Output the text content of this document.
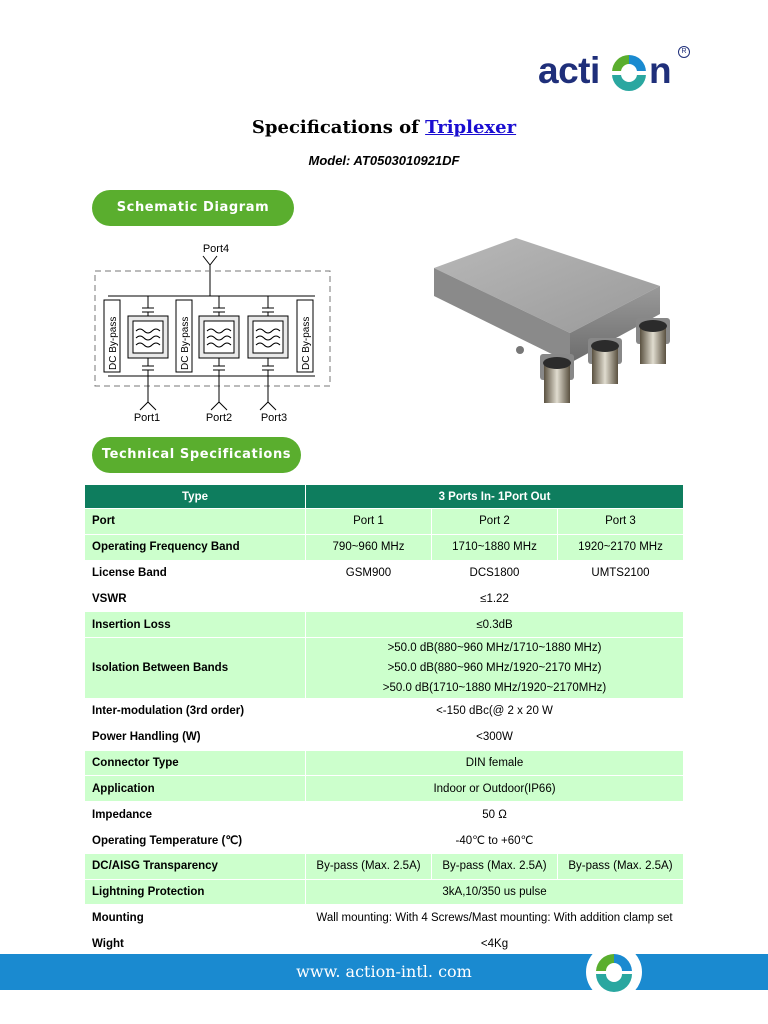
acti n	R
Specifications of Triplexer
Model: AT0503010921DF
Schematic Diagram
Port4
DC By-pass	DC By-pass	DC By-pass
Port1	Port2	Port3
Technical Specifications
Type	3 Ports In- 1Port Out		
Port	Port 1	Port 2	Port 3
Operating Frequency Band	790~960 MHz	1710~1880 MHz	1920~2170 MHz
License Band	GSM900	DCS1800	UMTS2100
VSWR	≤1.22		
Insertion Loss	≤0.3dB		
Isolation Between Bands	>50.0 dB(880~960 MHz/1710~1880 MHz)
>50.0 dB(880~960 MHz/1920~2170 MHz)
>50.0 dB(1710~1880 MHz/1920~2170MHz)		

Inter-modulation (3rd order)	<-150 dBc(@ 2 x 20 W		
Power Handling (W)	<300W		
Connector Type	DIN female		
Application	Indoor or Outdoor(IP66)		
Impedance	50 Ω		
Operating Temperature (℃)	-40℃ to +60℃		
DC/AISG Transparency	By-pass (Max. 2.5A)	By-pass (Max. 2.5A)	By-pass (Max. 2.5A)
Lightning Protection	3kA,10/350 us pulse		
Mounting	Wall mounting: With 4 Screws/Mast mounting: With addition clamp set		
Wight	<4Kg		
www. action-intl. com
